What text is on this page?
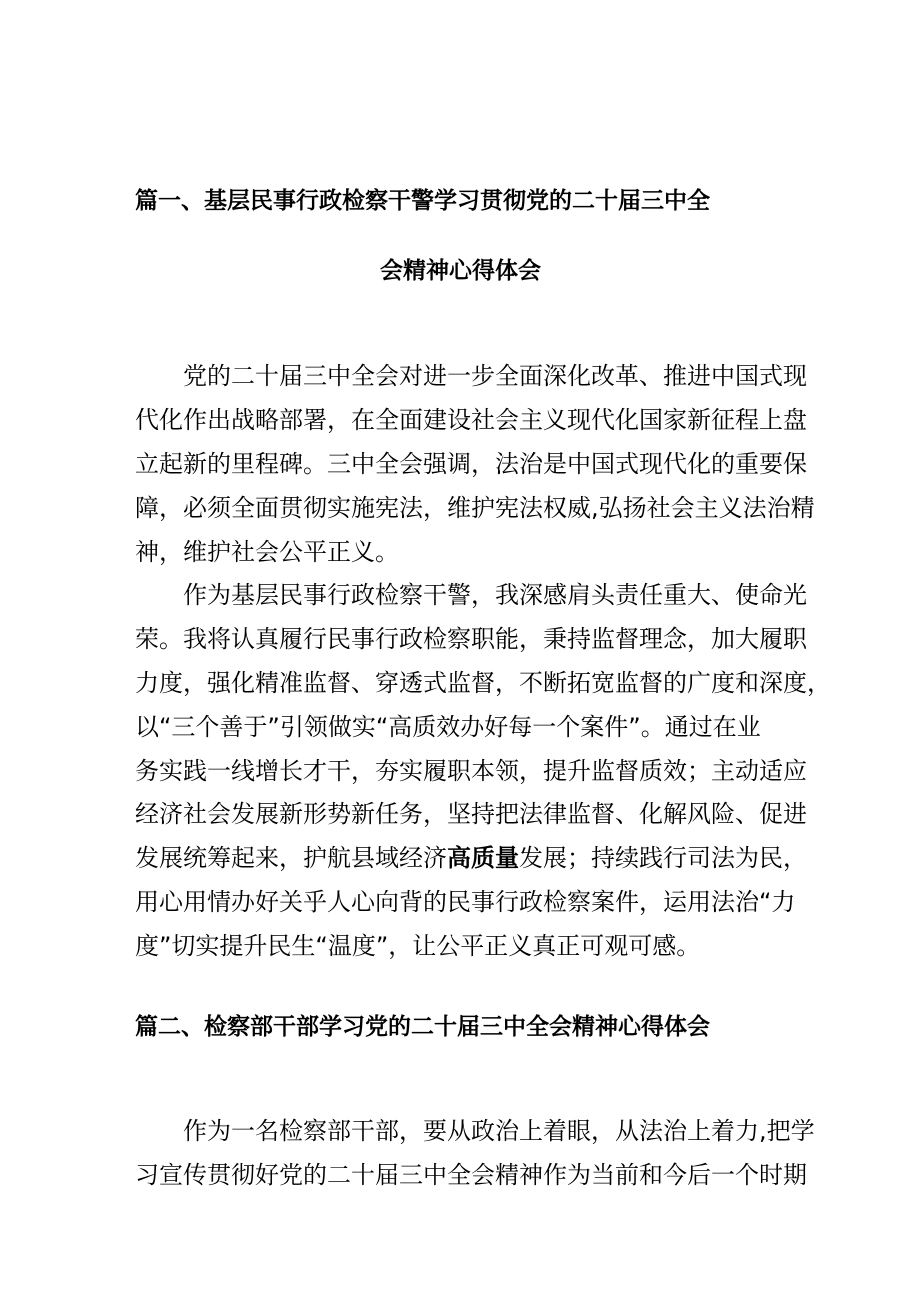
篇一、基层民事行政检察干警学习贯彻党的二十届三中全
会精神心得体会
党的二十届三中全会对进一步全面深化改革、推进中国式现
代化作出战略部署，在全面建设社会主义现代化国家新征程上盘
立起新的里程碑。三中全会强调，法治是中国式现代化的重要保
障，必须全面贯彻实施宪法，维护宪法权威,弘扬社会主义法治精
神，维护社会公平正义。
作为基层民事行政检察干警，我深感肩头责任重大、使命光
荣。我将认真履行民事行政检察职能，秉持监督理念，加大履职
力度，强化精准监督、穿透式监督，不断拓宽监督的广度和深度，
以“三个善于”引领做实“高质效办好每一个案件”。通过在业
务实践一线增长才干，夯实履职本领，提升监督质效；主动适应
经济社会发展新形势新任务，坚持把法律监督、化解风险、促进
发展统筹起来，护航县域经济高质量发展；持续践行司法为民，
用心用情办好关乎人心向背的民事行政检察案件，运用法治“力
度”切实提升民生“温度”，让公平正义真正可观可感。
篇二、检察部干部学习党的二十届三中全会精神心得体会
作为一名检察部干部，要从政治上着眼，从法治上着力,把学
习宣传贯彻好党的二十届三中全会精神作为当前和今后一个时期
